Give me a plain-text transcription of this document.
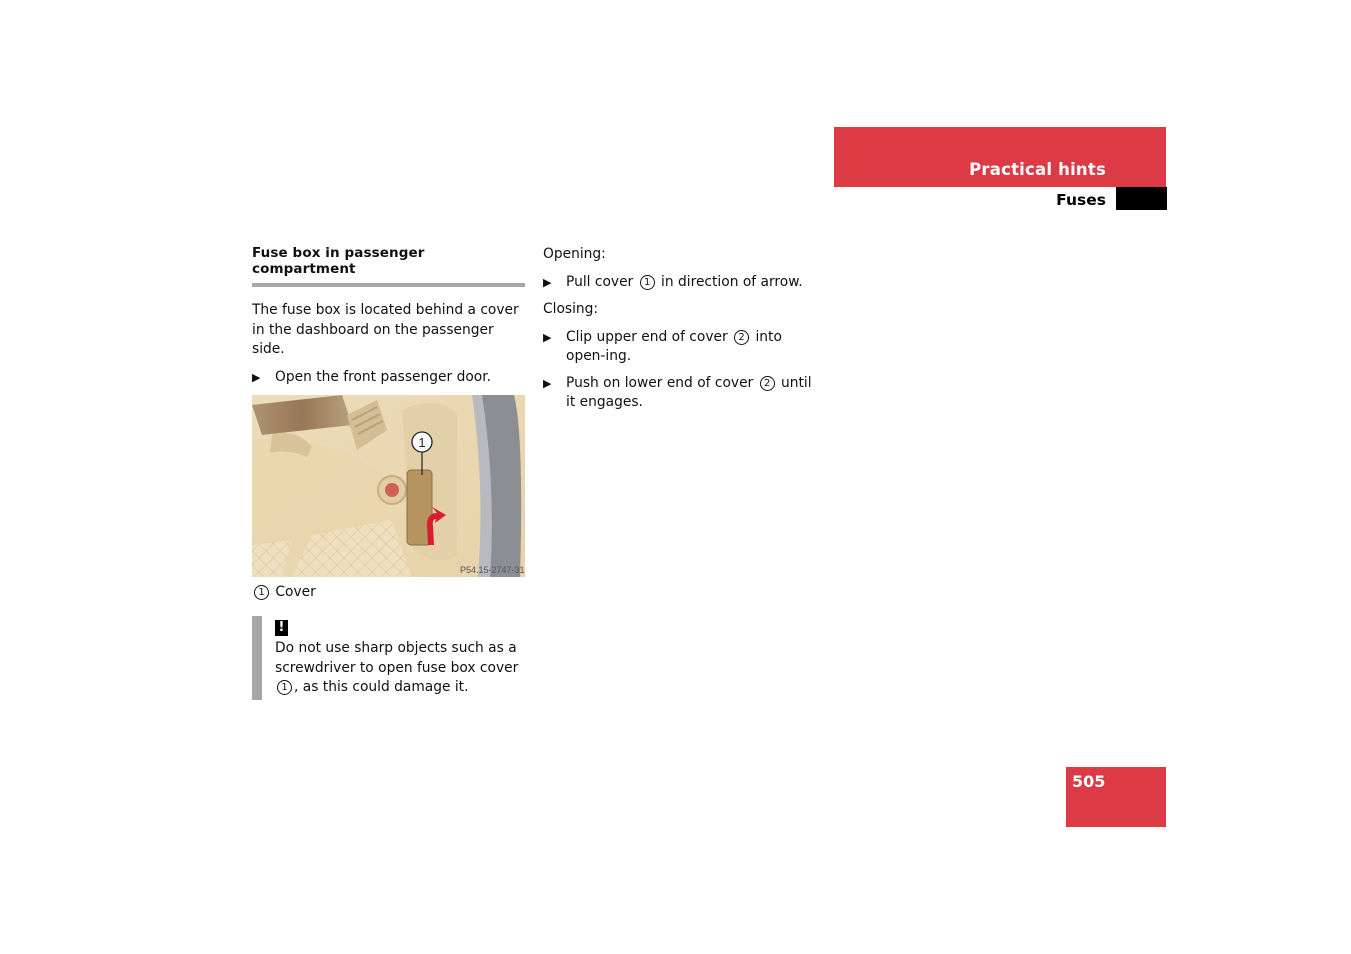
Practical hints
Fuses
Fuse box in passenger compartment

The fuse box is located behind a cover in the dashboard on the passenger side.

▶ Open the front passenger door.
1
P54.15-2747-31
1 Cover
!
Do not use sharp objects such as a screwdriver to open fuse box cover 1 , as this could damage it.

Opening:

▶ Pull cover 1 in direction of arrow.

Closing:

▶ Clip upper end of cover 2 into open-ing.
▶ Push on lower end of cover 2 until it engages.
505
